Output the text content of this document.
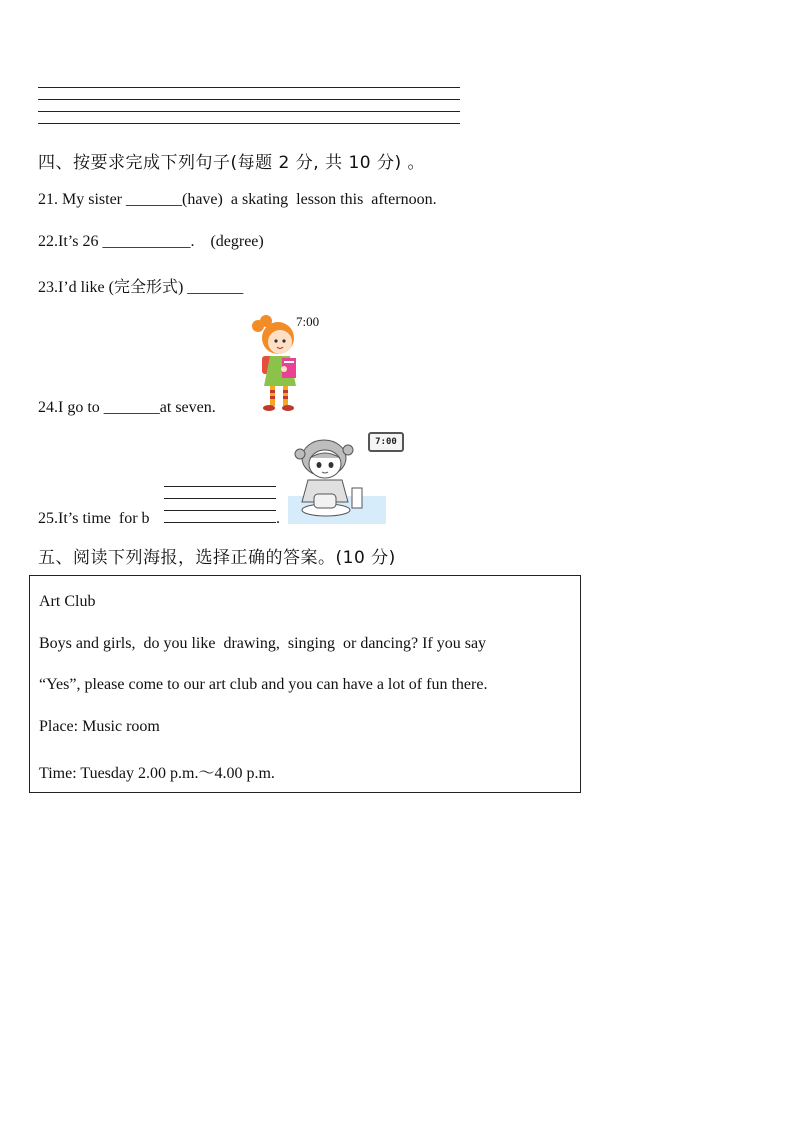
四、按要求完成下列句子(每题 2 分, 共 10 分) 。
21. My sister _______(have)  a skating  lesson this  afternoon.
22.It’s 26 ___________.    (degree)
23.I’d like (完全形式) _______
7:00
24.I go to _______at seven.
25.It’s time  for b	.
7:00
五、阅读下列海报，选择正确的答案。(10 分)
Art Club
Boys and girls,  do you like  drawing,  singing  or dancing? If you say
“Yes”, please come to our art club and you can have a lot of fun there.
Place: Music room
Time: Tuesday 2.00 p.m.～4.00 p.m.
